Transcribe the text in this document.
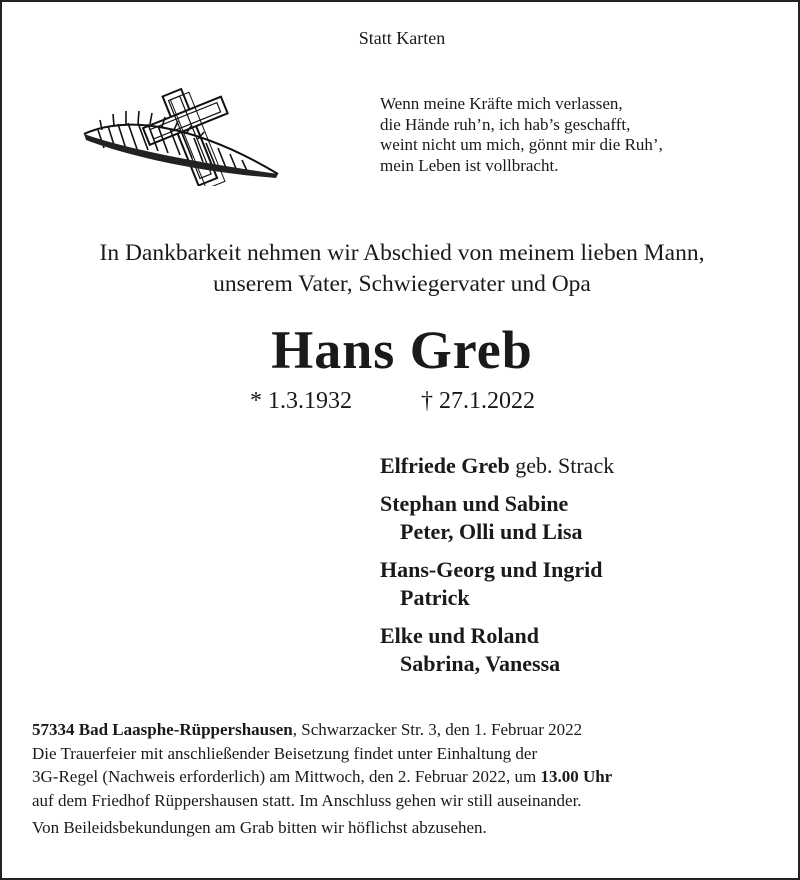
Statt Karten
Wenn meine Kräfte mich verlassen,
die Hände ruh’n, ich hab’s geschafft,
weint nicht um mich, gönnt mir die Ruh’,
mein Leben ist vollbracht.
In Dankbarkeit nehmen wir Abschied von meinem lieben Mann,
unserem Vater, Schwiegervater und Opa
Hans Greb
* 1.3.1932	† 27.1.2022
Elfriede Greb geb. Strack
Stephan und Sabine
Peter, Olli und Lisa
Hans-Georg und Ingrid
Patrick
Elke und Roland
Sabrina, Vanessa
57334 Bad Laasphe-Rüppershausen, Schwarzacker Str. 3, den 1. Februar 2022
Die Trauerfeier mit anschließender Beisetzung findet unter Einhaltung der
3G-Regel (Nachweis erforderlich) am Mittwoch, den 2. Februar 2022, um 13.00 Uhr
auf dem Friedhof Rüppershausen statt. Im Anschluss gehen wir still auseinander.
Von Beileidsbekundungen am Grab bitten wir höflichst abzusehen.
